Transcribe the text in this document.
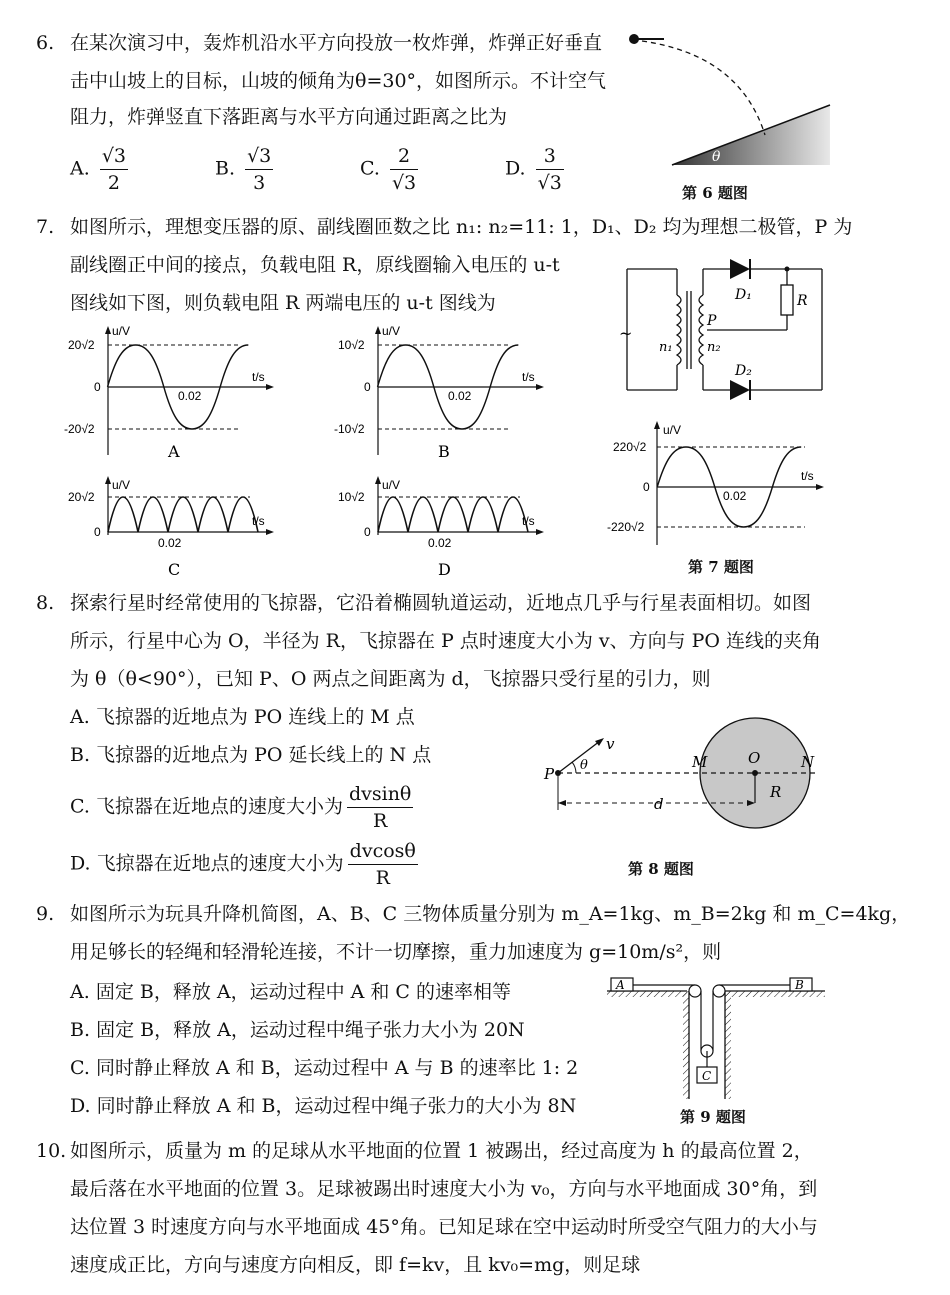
6. 在某次演习中，轰炸机沿水平方向投放一枚炸弹，炸弹正好垂直
击中山坡上的目标，山坡的倾角为θ=30°，如图所示。不计空气
阻力，炸弹竖直下落距离与水平方向通过距离之比为
A. $\frac{√3}{2}$	B. $\frac{√3}{3}$	C. $\frac{2}{√3}$	D. $\frac{3}{√3}$	θ
第 6 题图
7. 如图所示，理想变压器的原、副线圈匝数之比 n₁: n₂=11: 1，D₁、D₂ 均为理想二极管，P 为
副线圈正中间的接点，负载电阻 R，原线圈输入电压的 u-t
图线如下图，则负载电阻 R 两端电压的 u-t 图线为
u/V
t/s
20√2
0
-20√2
0.02
A
u/V
t/s
10√2
0
-10√2
0.02
B
u/V
t/s
20√2
0
0.02
C
u/V
t/s
10√2
0
0.02
D
~
D₁
D₂
R
P
n₁	n₂
u/V
t/s
220√2
0
-220√2
0.02
第 7 题图
8. 探索行星时经常使用的飞掠器，它沿着椭圆轨道运动，近地点几乎与行星表面相切。如图
所示，行星中心为 O，半径为 R，飞掠器在 P 点时速度大小为 v、方向与 PO 连线的夹角
为 θ（θ<90°），已知 P、O 两点之间距离为 d，飞掠器只受行星的引力，则
A. 飞掠器的近地点为 PO 连线上的 M 点
B. 飞掠器的近地点为 PO 延长线上的 N 点
C. 飞掠器在近地点的速度大小为 $\frac{dvsin\theta}{R}$
D. 飞掠器在近地点的速度大小为 $\frac{dvcos\theta}{R}$
P
v
θ	M	O	N
R
d
第 8 题图
9. 如图所示为玩具升降机简图，A、B、C 三物体质量分别为 m_A=1kg、m_B=2kg 和 m_C=4kg，
用足够长的轻绳和轻滑轮连接，不计一切摩擦，重力加速度为 g=10m/s²，则
A. 固定 B，释放 A，运动过程中 A 和 C 的速率相等
B. 固定 B，释放 A，运动过程中绳子张力大小为 20N
C. 同时静止释放 A 和 B，运动过程中 A 与 B 的速率比 1: 2
D. 同时静止释放 A 和 B，运动过程中绳子张力的大小为 8N
A	B
C
第 9 题图
10. 如图所示，质量为 m 的足球从水平地面的位置 1 被踢出，经过高度为 h 的最高位置 2，
最后落在水平地面的位置 3。足球被踢出时速度大小为 v₀，方向与水平地面成 30°角，到
达位置 3 时速度方向与水平地面成 45°角。已知足球在空中运动时所受空气阻力的大小与
速度成正比，方向与速度方向相反，即 f=kv，且 kv₀=mg，则足球
